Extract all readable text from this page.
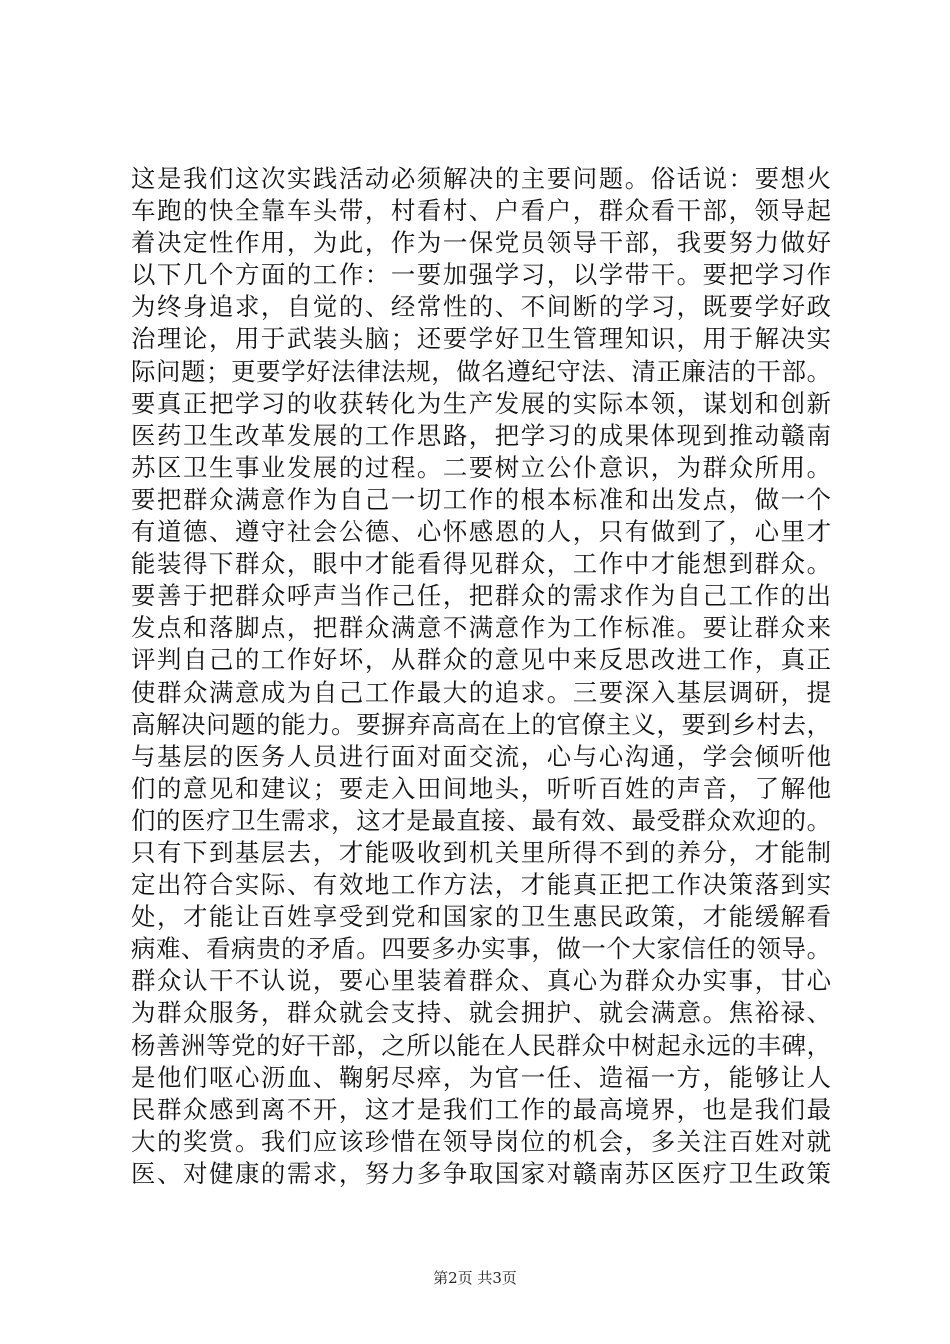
这是我们这次实践活动必须解决的主要问题。俗话说：要想火
车跑的快全靠车头带，村看村、户看户，群众看干部，领导起
着决定性作用，为此，作为一保党员领导干部，我要努力做好
以下几个方面的工作：一要加强学习，以学带干。要把学习作
为终身追求，自觉的、经常性的、不间断的学习，既要学好政
治理论，用于武装头脑；还要学好卫生管理知识，用于解决实
际问题；更要学好法律法规，做名遵纪守法、清正廉洁的干部。
要真正把学习的收获转化为生产发展的实际本领，谋划和创新
医药卫生改革发展的工作思路，把学习的成果体现到推动赣南
苏区卫生事业发展的过程。二要树立公仆意识，为群众所用。
要把群众满意作为自己一切工作的根本标准和出发点，做一个
有道德、遵守社会公德、心怀感恩的人，只有做到了，心里才
能装得下群众，眼中才能看得见群众，工作中才能想到群众。
要善于把群众呼声当作己任，把群众的需求作为自己工作的出
发点和落脚点，把群众满意不满意作为工作标准。要让群众来
评判自己的工作好坏，从群众的意见中来反思改进工作，真正
使群众满意成为自己工作最大的追求。三要深入基层调研，提
高解决问题的能力。要摒弃高高在上的官僚主义，要到乡村去，
与基层的医务人员进行面对面交流，心与心沟通，学会倾听他
们的意见和建议；要走入田间地头，听听百姓的声音，了解他
们的医疗卫生需求，这才是最直接、最有效、最受群众欢迎的。
只有下到基层去，才能吸收到机关里所得不到的养分，才能制
定出符合实际、有效地工作方法，才能真正把工作决策落到实
处，才能让百姓享受到党和国家的卫生惠民政策，才能缓解看
病难、看病贵的矛盾。四要多办实事，做一个大家信任的领导。
群众认干不认说，要心里装着群众、真心为群众办实事，甘心
为群众服务，群众就会支持、就会拥护、就会满意。焦裕禄、
杨善洲等党的好干部，之所以能在人民群众中树起永远的丰碑，
是他们呕心沥血、鞠躬尽瘁，为官一任、造福一方，能够让人
民群众感到离不开，这才是我们工作的最高境界，也是我们最
大的奖赏。我们应该珍惜在领导岗位的机会，多关注百姓对就
医、对健康的需求，努力多争取国家对赣南苏区医疗卫生政策
第2页 共3页
